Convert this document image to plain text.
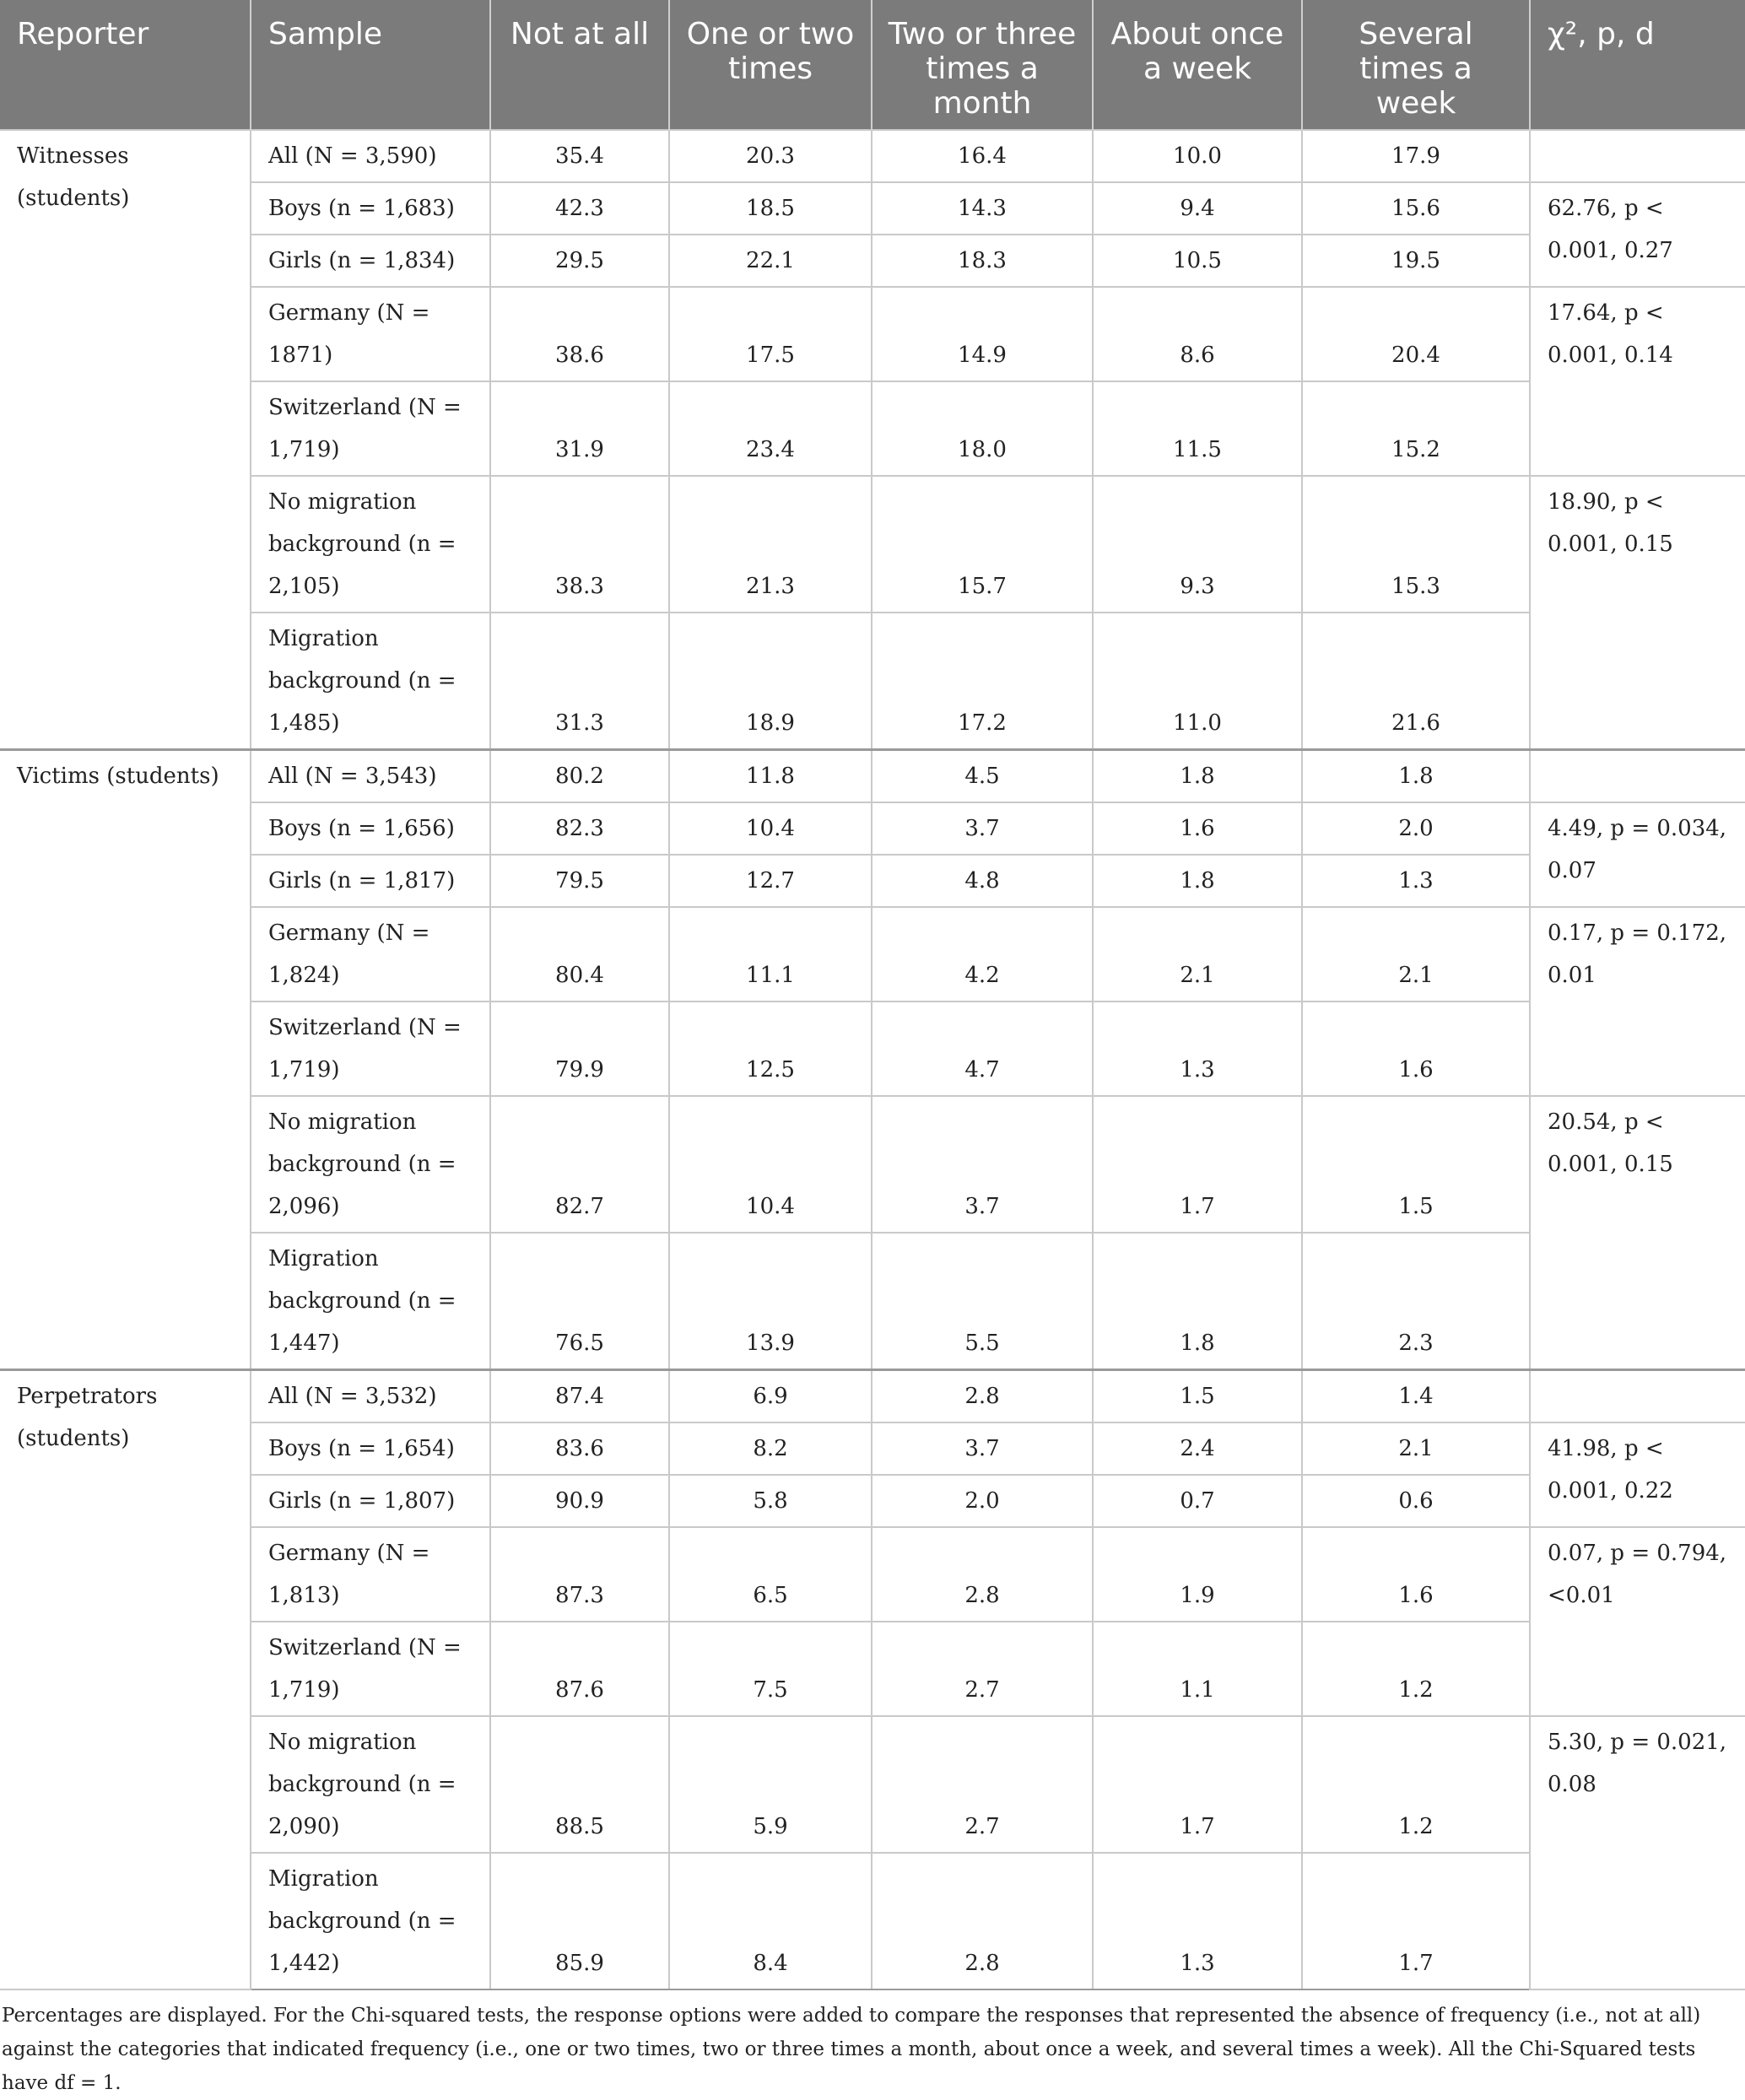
Reporter	Sample	Not at all	One or two times	Two or three times a month	About once a week	Several times a week	χ², p, d
Witnesses (students)	All (N = 3,590)	35.4	20.3	16.4	10.0	17.9	
	Boys (n = 1,683)	42.3	18.5	14.3	9.4	15.6	62.76, p < 0.001, 0.27
	Girls (n = 1,834)	29.5	22.1	18.3	10.5	19.5	
	Germany (N = 1871)	38.6	17.5	14.9	8.6	20.4	17.64, p < 0.001, 0.14
	Switzerland (N = 1,719)	31.9	23.4	18.0	11.5	15.2	
	No migration background (n = 2,105)	38.3	21.3	15.7	9.3	15.3	18.90, p < 0.001, 0.15
	Migration background (n = 1,485)	31.3	18.9	17.2	11.0	21.6	
Victims (students)	All (N = 3,543)	80.2	11.8	4.5	1.8	1.8	
	Boys (n = 1,656)	82.3	10.4	3.7	1.6	2.0	4.49, p = 0.034, 0.07
	Girls (n = 1,817)	79.5	12.7	4.8	1.8	1.3	
	Germany (N = 1,824)	80.4	11.1	4.2	2.1	2.1	0.17, p = 0.172, 0.01
	Switzerland (N = 1,719)	79.9	12.5	4.7	1.3	1.6	
	No migration background (n = 2,096)	82.7	10.4	3.7	1.7	1.5	20.54, p < 0.001, 0.15
	Migration background (n = 1,447)	76.5	13.9	5.5	1.8	2.3	
Perpetrators (students)	All (N = 3,532)	87.4	6.9	2.8	1.5	1.4	
	Boys (n = 1,654)	83.6	8.2	3.7	2.4	2.1	41.98, p < 0.001, 0.22
	Girls (n = 1,807)	90.9	5.8	2.0	0.7	0.6	
	Germany (N = 1,813)	87.3	6.5	2.8	1.9	1.6	0.07, p = 0.794, <0.01
	Switzerland (N = 1,719)	87.6	7.5	2.7	1.1	1.2	
	No migration background (n = 2,090)	88.5	5.9	2.7	1.7	1.2	5.30, p = 0.021, 0.08
	Migration background (n = 1,442)	85.9	8.4	2.8	1.3	1.7	

Percentages are displayed. For the Chi-squared tests, the response options were added to compare the responses that represented the absence of frequency (i.e., not at all) against the categories that indicated frequency (i.e., one or two times, two or three times a month, about once a week, and several times a week). All the Chi-Squared tests have df = 1.
